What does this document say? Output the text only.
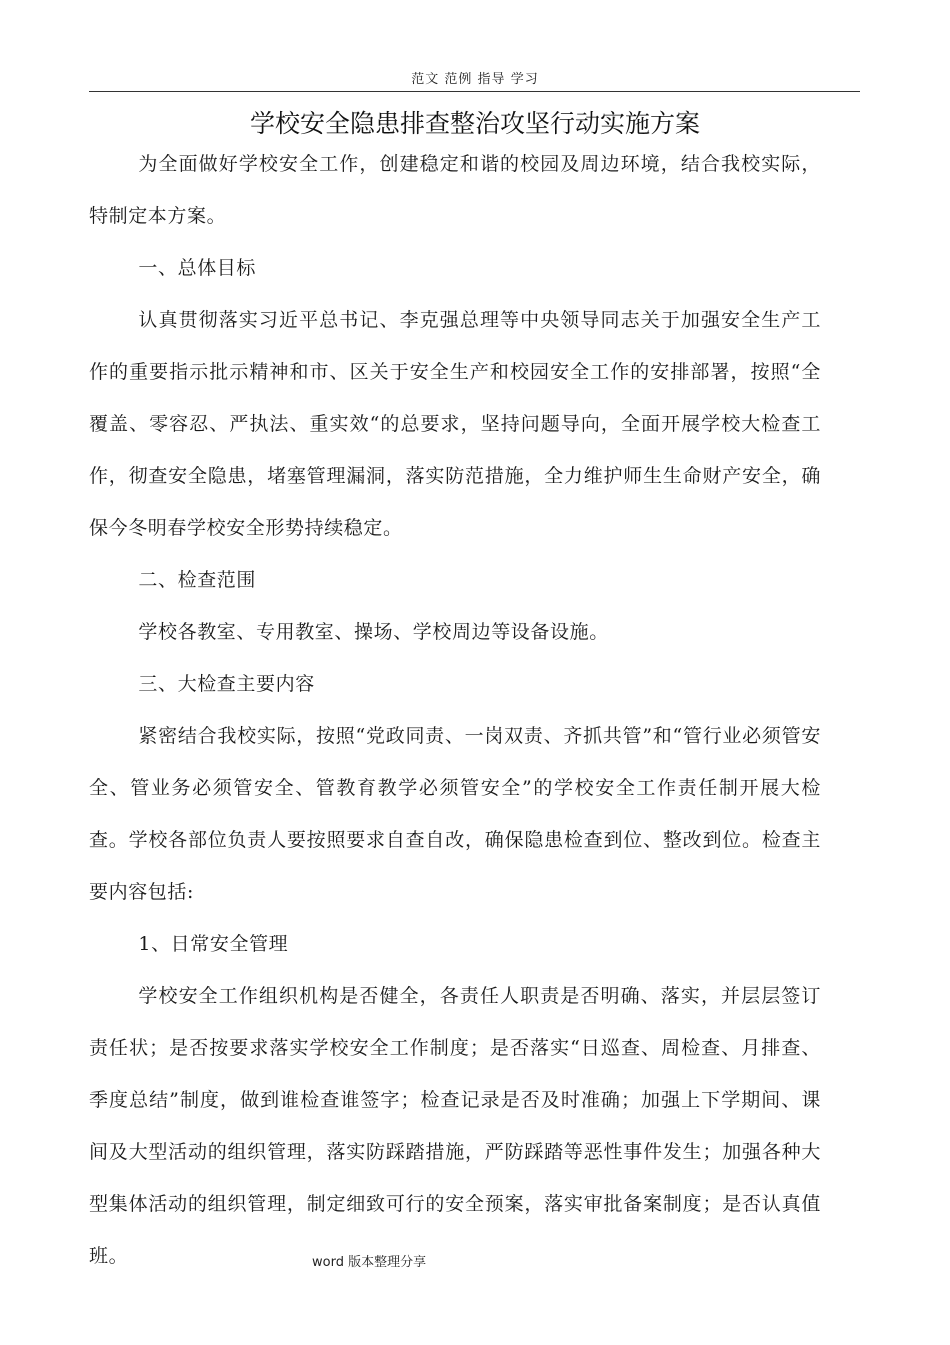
范文 范例 指导 学习
学校安全隐患排查整治攻坚行动实施方案

为全面做好学校安全工作，创建稳定和谐的校园及周边环境，结合我校实际，特制定本方案。

一、总体目标

认真贯彻落实习近平总书记、李克强总理等中央领导同志关于加强安全生产工作的重要指示批示精神和市、区关于安全生产和校园安全工作的安排部署，按照“全覆盖、零容忍、严执法、重实效“的总要求，坚持问题导向，全面开展学校大检查工作，彻查安全隐患，堵塞管理漏洞，落实防范措施，全力维护师生生命财产安全，确保今冬明春学校安全形势持续稳定。

二、检查范围

学校各教室、专用教室、操场、学校周边等设备设施。

三、大检查主要内容

紧密结合我校实际，按照“党政同责、一岗双责、齐抓共管”和“管行业必须管安全、管业务必须管安全、管教育教学必须管安全”的学校安全工作责任制开展大检查。学校各部位负责人要按照要求自查自改，确保隐患检查到位、整改到位。检查主要内容包括:

1、日常安全管理

学校安全工作组织机构是否健全，各责任人职责是否明确、落实，并层层签订责任状；是否按要求落实学校安全工作制度；是否落实“日巡查、周检查、月排查、季度总结”制度，做到谁检查谁签字；检查记录是否及时准确；加强上下学期间、课间及大型活动的组织管理，落实防踩踏措施，严防踩踏等恶性事件发生；加强各种大型集体活动的组织管理，制定细致可行的安全预案，落实审批备案制度；是否认真值班。	word 版本整理分享
